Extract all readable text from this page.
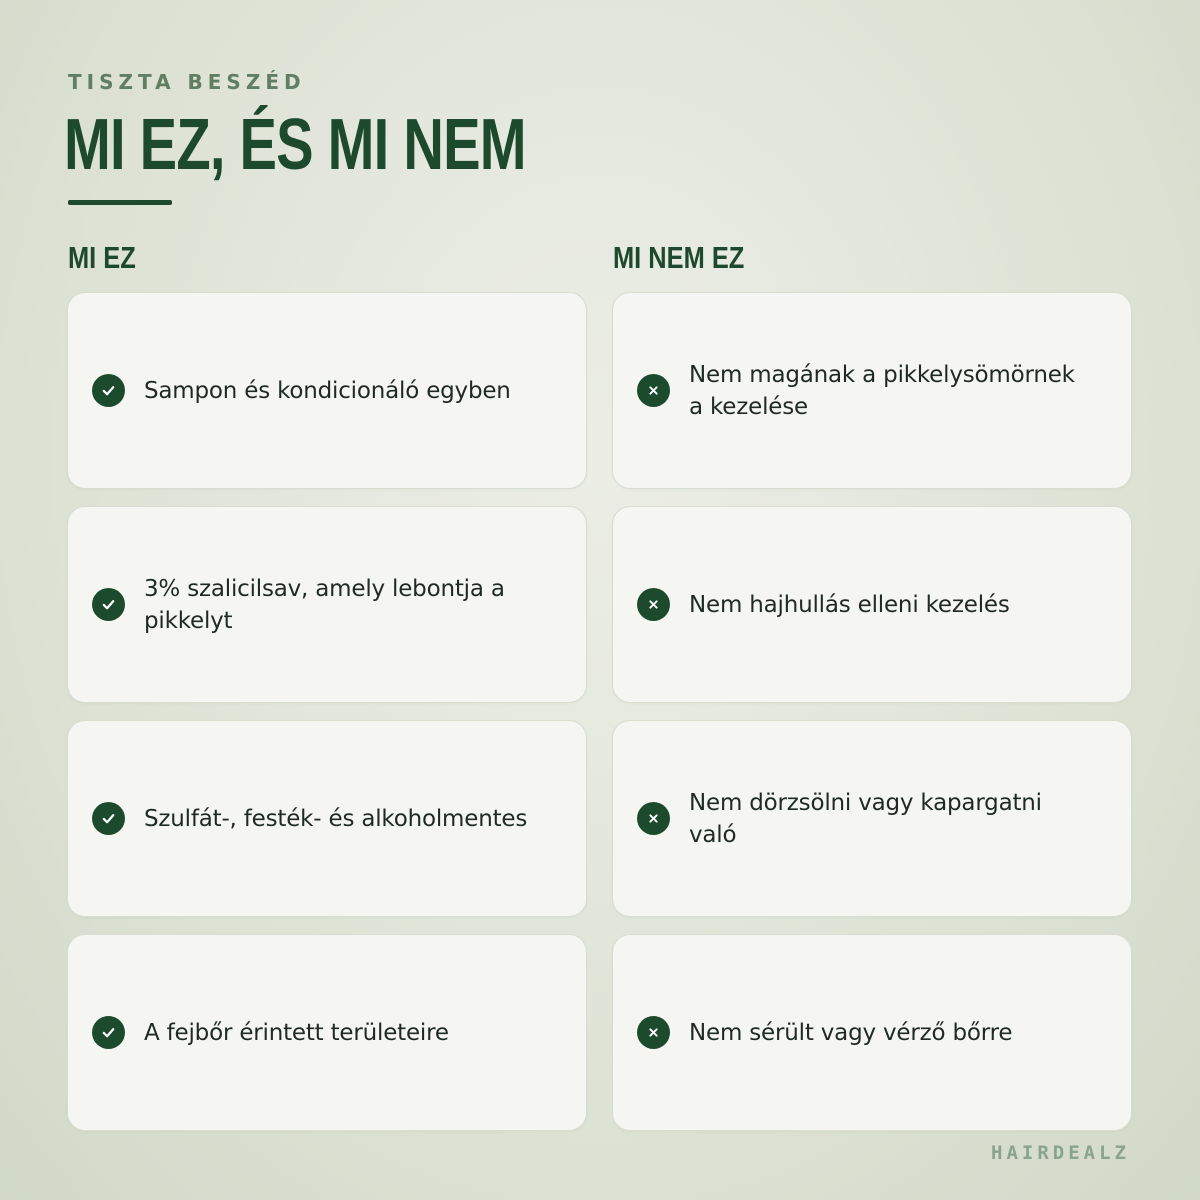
TISZTA BESZÉD
MI EZ, ÉS MI NEM
MI EZ	MI NEM EZ
Sampon és kondicionáló egyben
3% szalicilsav, amely lebontja a pikkelyt
Szulfát-, festék- és alkoholmentes
A fejbőr érintett területeire
Nem magának a pikkelysömörnek a kezelése
Nem hajhullás elleni kezelés
Nem dörzsölni vagy kapargatni való
Nem sérült vagy vérző bőrre
HAIRDEALZ
